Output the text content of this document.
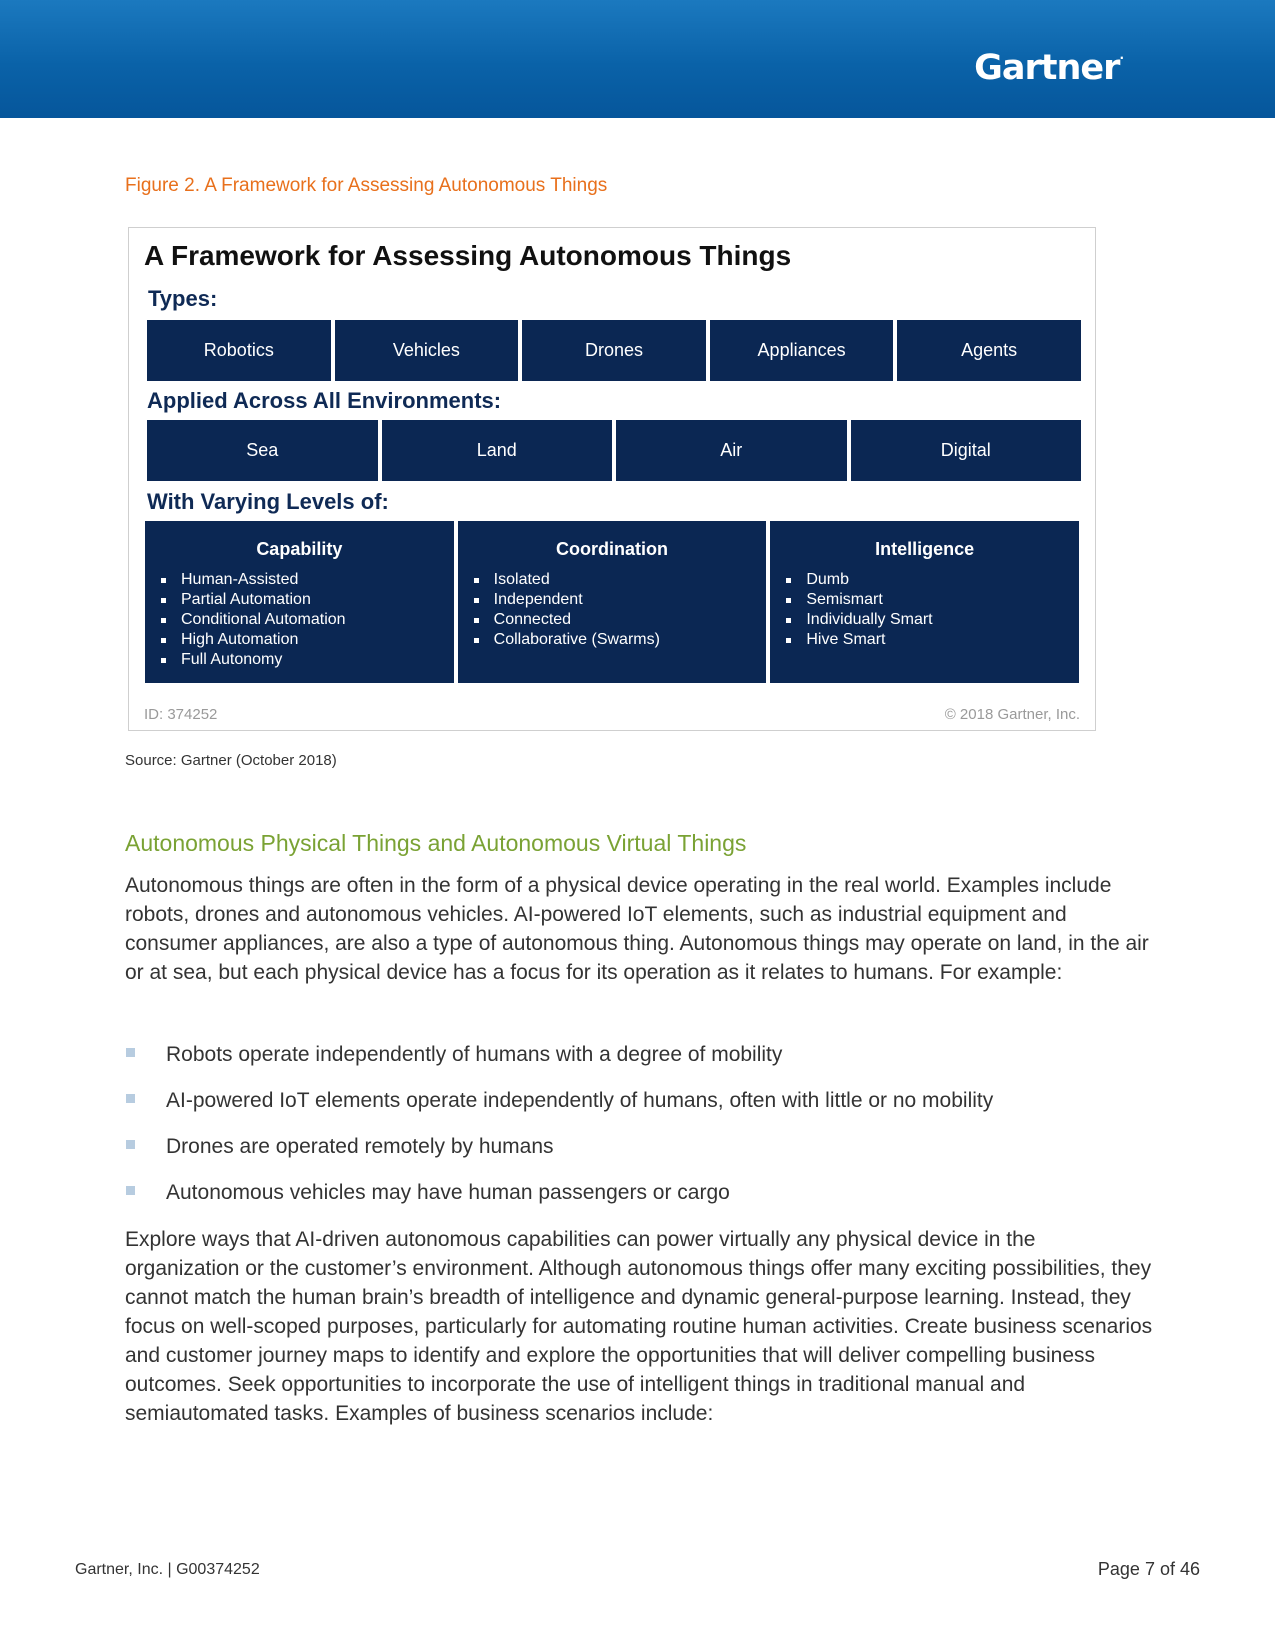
Gartner.
Figure 2. A Framework for Assessing Autonomous Things
A Framework for Assessing Autonomous Things
Types:
Robotics	Vehicles	Drones	Appliances	Agents
Applied Across All Environments:
Sea	Land	Air	Digital
With Varying Levels of:
Capability
Human-Assisted
Partial Automation
Conditional Automation
High Automation
Full Autonomy
Coordination
Isolated
Independent
Connected
Collaborative (Swarms)
Intelligence
Dumb
Semismart
Individually Smart
Hive Smart
ID: 374252	© 2018 Gartner, Inc.
Source: Gartner (October 2018)
Autonomous Physical Things and Autonomous Virtual Things

Autonomous things are often in the form of a physical device operating in the real world. Examples include robots, drones and autonomous vehicles. AI-powered IoT elements, such as industrial equipment and consumer appliances, are also a type of autonomous thing. Autonomous things may operate on land, in the air or at sea, but each physical device has a focus for its operation as it relates to humans. For example:

Robots operate independently of humans with a degree of mobility
AI-powered IoT elements operate independently of humans, often with little or no mobility
Drones are operated remotely by humans
Autonomous vehicles may have human passengers or cargo

Explore ways that AI-driven autonomous capabilities can power virtually any physical device in the organization or the customer’s environment. Although autonomous things offer many exciting possibilities, they cannot match the human brain’s breadth of intelligence and dynamic general-purpose learning. Instead, they focus on well-scoped purposes, particularly for automating routine human activities. Create business scenarios and customer journey maps to identify and explore the opportunities that will deliver compelling business outcomes. Seek opportunities to incorporate the use of intelligent things in traditional manual and semiautomated tasks. Examples of business scenarios include:

Gartner, Inc. | G00374252	Page 7 of 46
